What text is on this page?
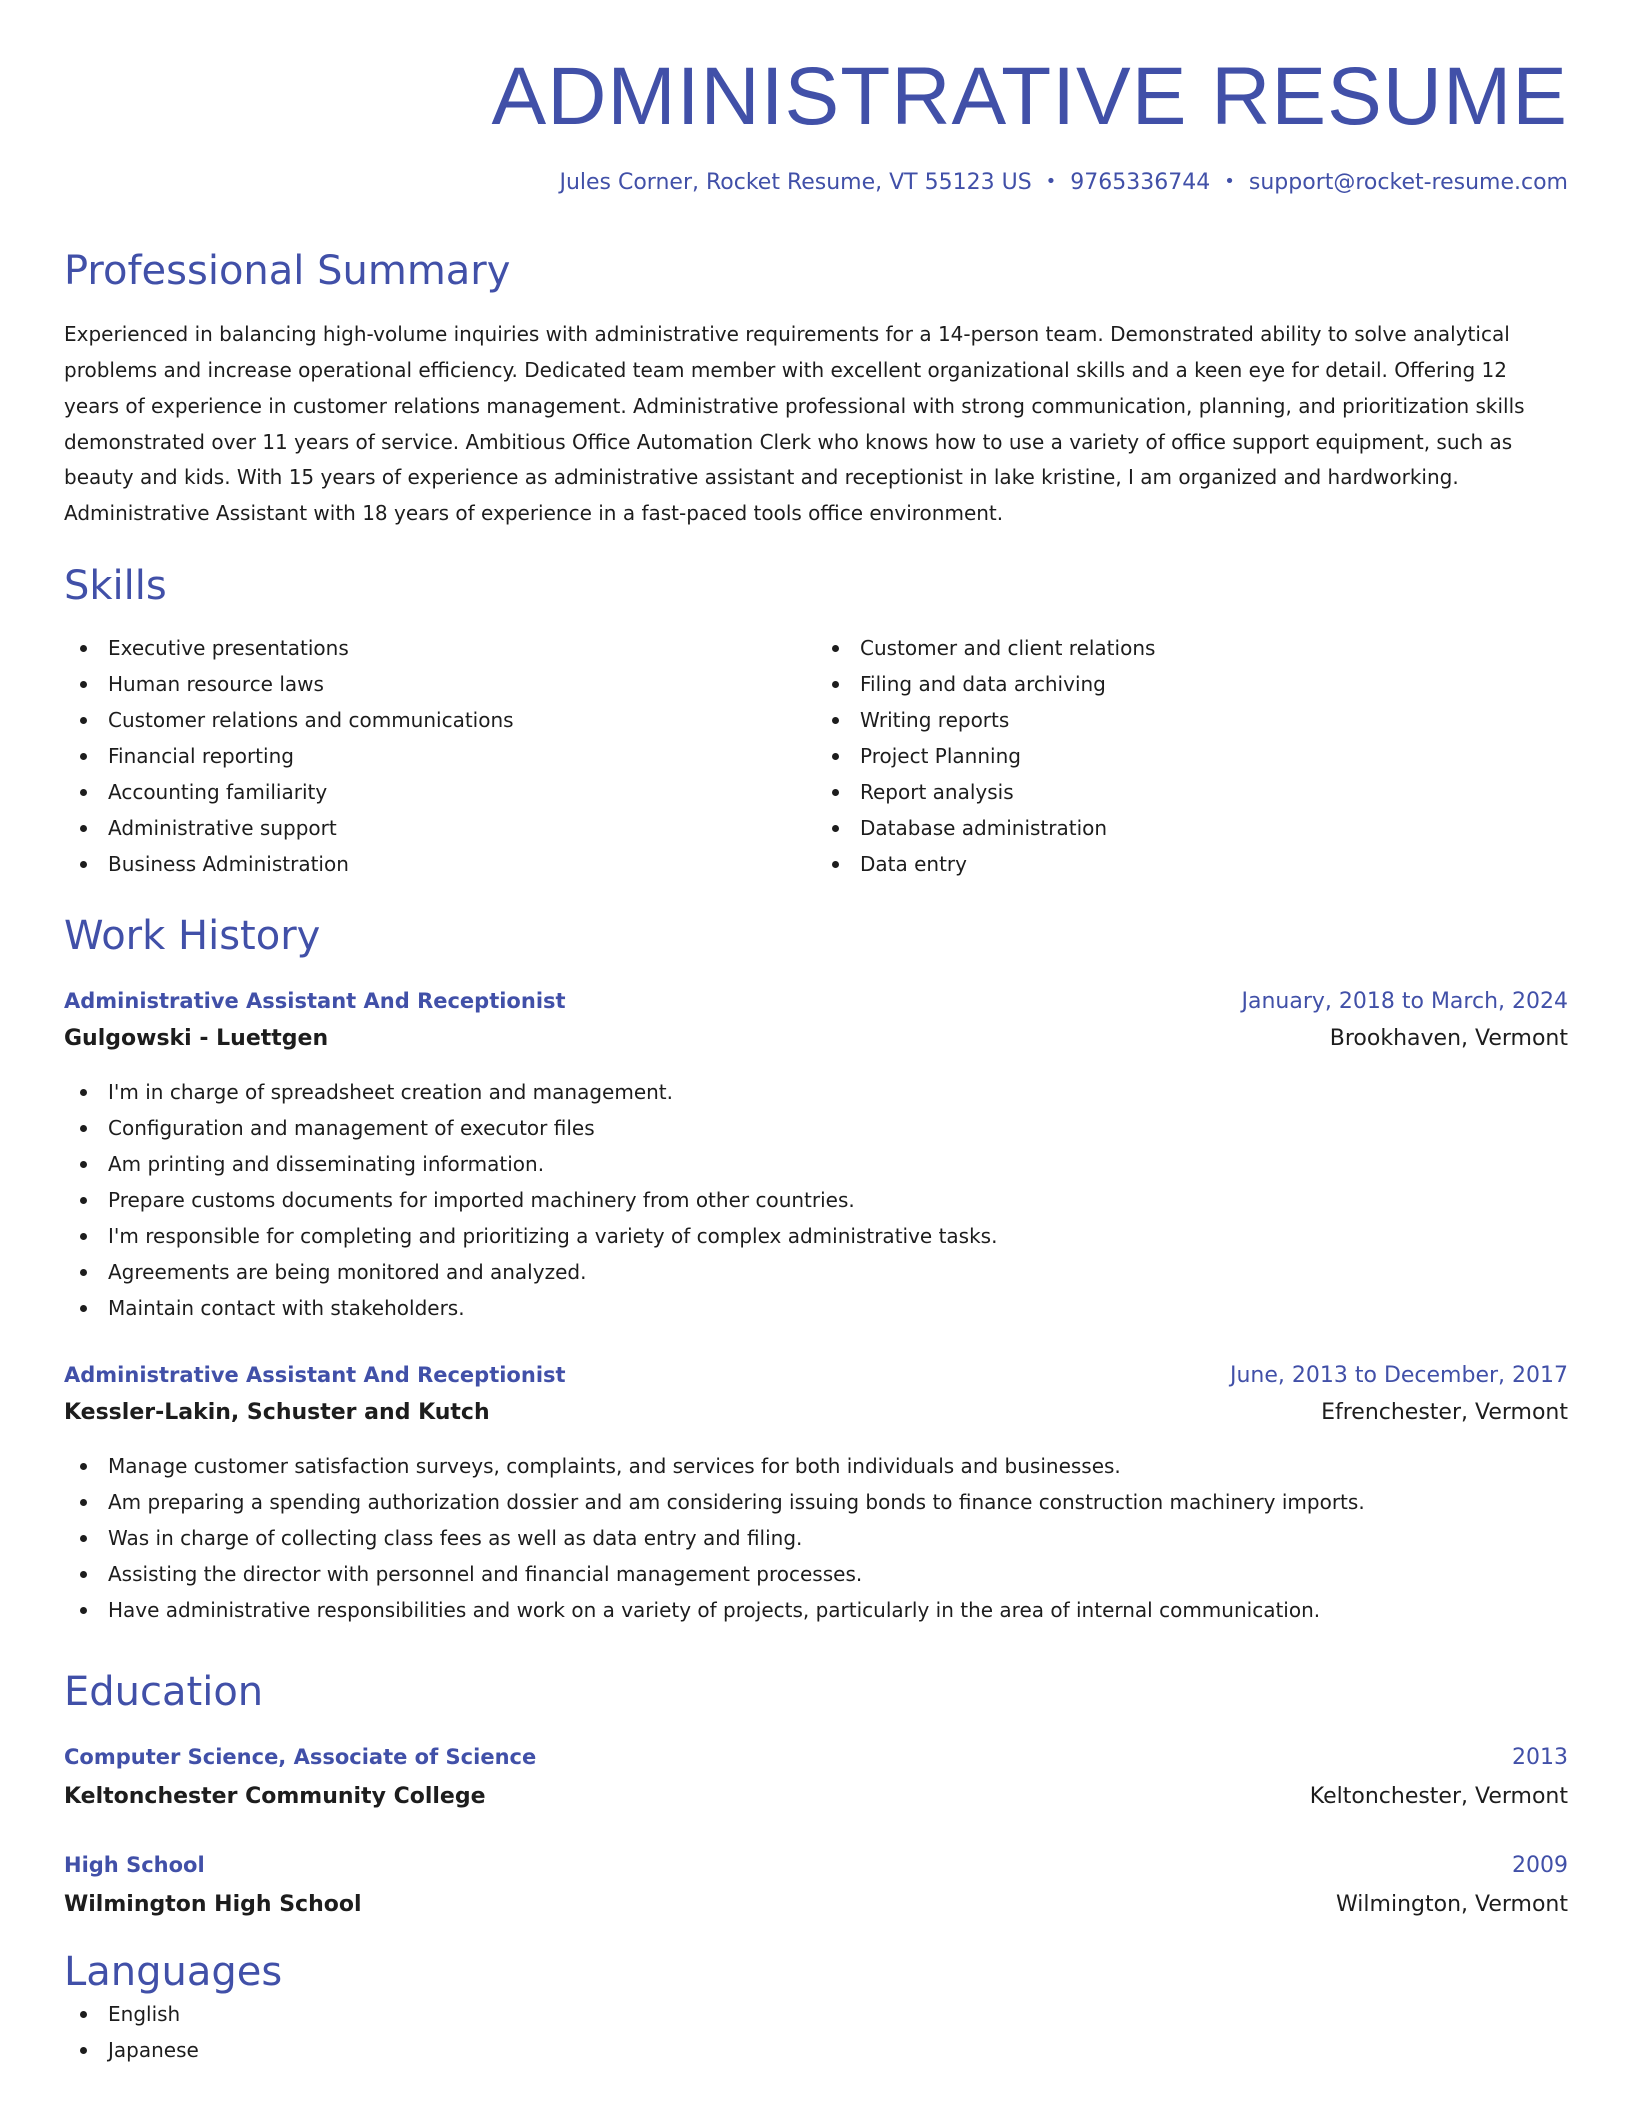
ADMINISTRATIVE RESUME
Jules Corner, Rocket Resume, VT 55123 US • 9765336744 • support@rocket-resume.com
Professional Summary

Experienced in balancing high-volume inquiries with administrative requirements for a 14-person team. Demonstrated ability to solve analytical problems and increase operational efficiency. Dedicated team member with excellent organizational skills and a keen eye for detail. Offering 12 years of experience in customer relations management. Administrative professional with strong communication, planning, and prioritization skills demonstrated over 11 years of service. Ambitious Office Automation Clerk who knows how to use a variety of office support equipment, such as beauty and kids. With 15 years of experience as administrative assistant and receptionist in lake kristine, I am organized and hardworking. Administrative Assistant with 18 years of experience in a fast-paced tools office environment.

Skills
Executive presentations
Human resource laws
Customer relations and communications
Financial reporting
Accounting familiarity
Administrative support
Business Administration
Customer and client relations
Filing and data archiving
Writing reports
Project Planning
Report analysis
Database administration
Data entry
Work History
Administrative Assistant And Receptionist	January, 2018 to March, 2024
Gulgowski - Luettgen	Brookhaven, Vermont
I'm in charge of spreadsheet creation and management.
Configuration and management of executor files
Am printing and disseminating information.
Prepare customs documents for imported machinery from other countries.
I'm responsible for completing and prioritizing a variety of complex administrative tasks.
Agreements are being monitored and analyzed.
Maintain contact with stakeholders.
Administrative Assistant And Receptionist	June, 2013 to December, 2017
Kessler-Lakin, Schuster and Kutch	Efrenchester, Vermont
Manage customer satisfaction surveys, complaints, and services for both individuals and businesses.
Am preparing a spending authorization dossier and am considering issuing bonds to finance construction machinery imports.
Was in charge of collecting class fees as well as data entry and filing.
Assisting the director with personnel and financial management processes.
Have administrative responsibilities and work on a variety of projects, particularly in the area of internal communication.
Education
Computer Science, Associate of Science	2013
Keltonchester Community College	Keltonchester, Vermont
High School	2009
Wilmington High School	Wilmington, Vermont
Languages
English
Japanese
